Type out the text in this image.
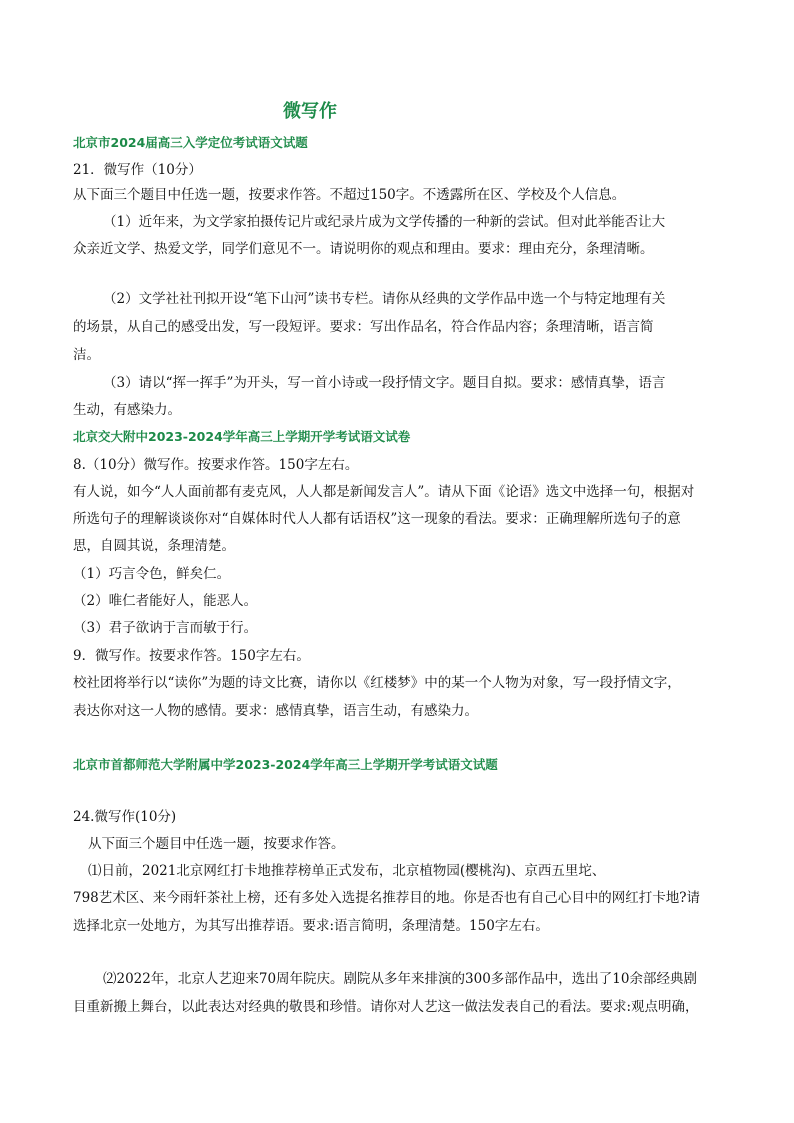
微写作
北京市2024届高三入学定位考试语文试题
21．微写作（10分）
从下面三个题目中任选一题，按要求作答。不超过150字。不透露所在区、学校及个人信息。
（1）近年来，为文学家拍摄传记片或纪录片成为文学传播的一种新的尝试。但对此举能否让大
众亲近文学、热爱文学，同学们意见不一。请说明你的观点和理由。要求：理由充分，条理清晰。
（2）文学社社刊拟开设“笔下山河”读书专栏。请你从经典的文学作品中选一个与特定地理有关
的场景，从自己的感受出发，写一段短评。要求：写出作品名，符合作品内容；条理清晰，语言简
洁。
（3）请以“挥一挥手”为开头，写一首小诗或一段抒情文字。题目自拟。要求：感情真挚，语言
生动，有感染力。
北京交大附中2023-2024学年高三上学期开学考试语文试卷
8.（10分）微写作。按要求作答。150字左右。
有人说，如今“人人面前都有麦克风，人人都是新闻发言人”。请从下面《论语》选文中选择一句，根据对
所选句子的理解谈谈你对“自媒体时代人人都有话语权”这一现象的看法。要求：正确理解所选句子的意
思，自圆其说，条理清楚。
（1）巧言令色，鲜矣仁。
（2）唯仁者能好人，能恶人。
（3）君子欲讷于言而敏于行。
9．微写作。按要求作答。150字左右。
校社团将举行以“读你”为题的诗文比赛，请你以《红楼梦》中的某一个人物为对象，写一段抒情文字，
表达你对这一人物的感情。要求：感情真挚，语言生动，有感染力。
北京市首都师范大学附属中学2023-2024学年高三上学期开学考试语文试题
24.微写作(10分)
从下面三个题目中任选一题，按要求作答。
⑴日前，2021北京网红打卡地推荐榜单正式发布，北京植物园(樱桃沟)、京西五里坨、
798艺术区、来今雨轩茶社上榜，还有多处入选提名推荐目的地。你是否也有自己心目中的网红打卡地?请
选择北京一处地方，为其写出推荐语。要求:语言简明，条理清楚。150字左右。
⑵2022年，北京人艺迎来70周年院庆。剧院从多年来排演的300多部作品中，选出了10余部经典剧
目重新搬上舞台，以此表达对经典的敬畏和珍惜。请你对人艺这一做法发表自己的看法。要求:观点明确，
